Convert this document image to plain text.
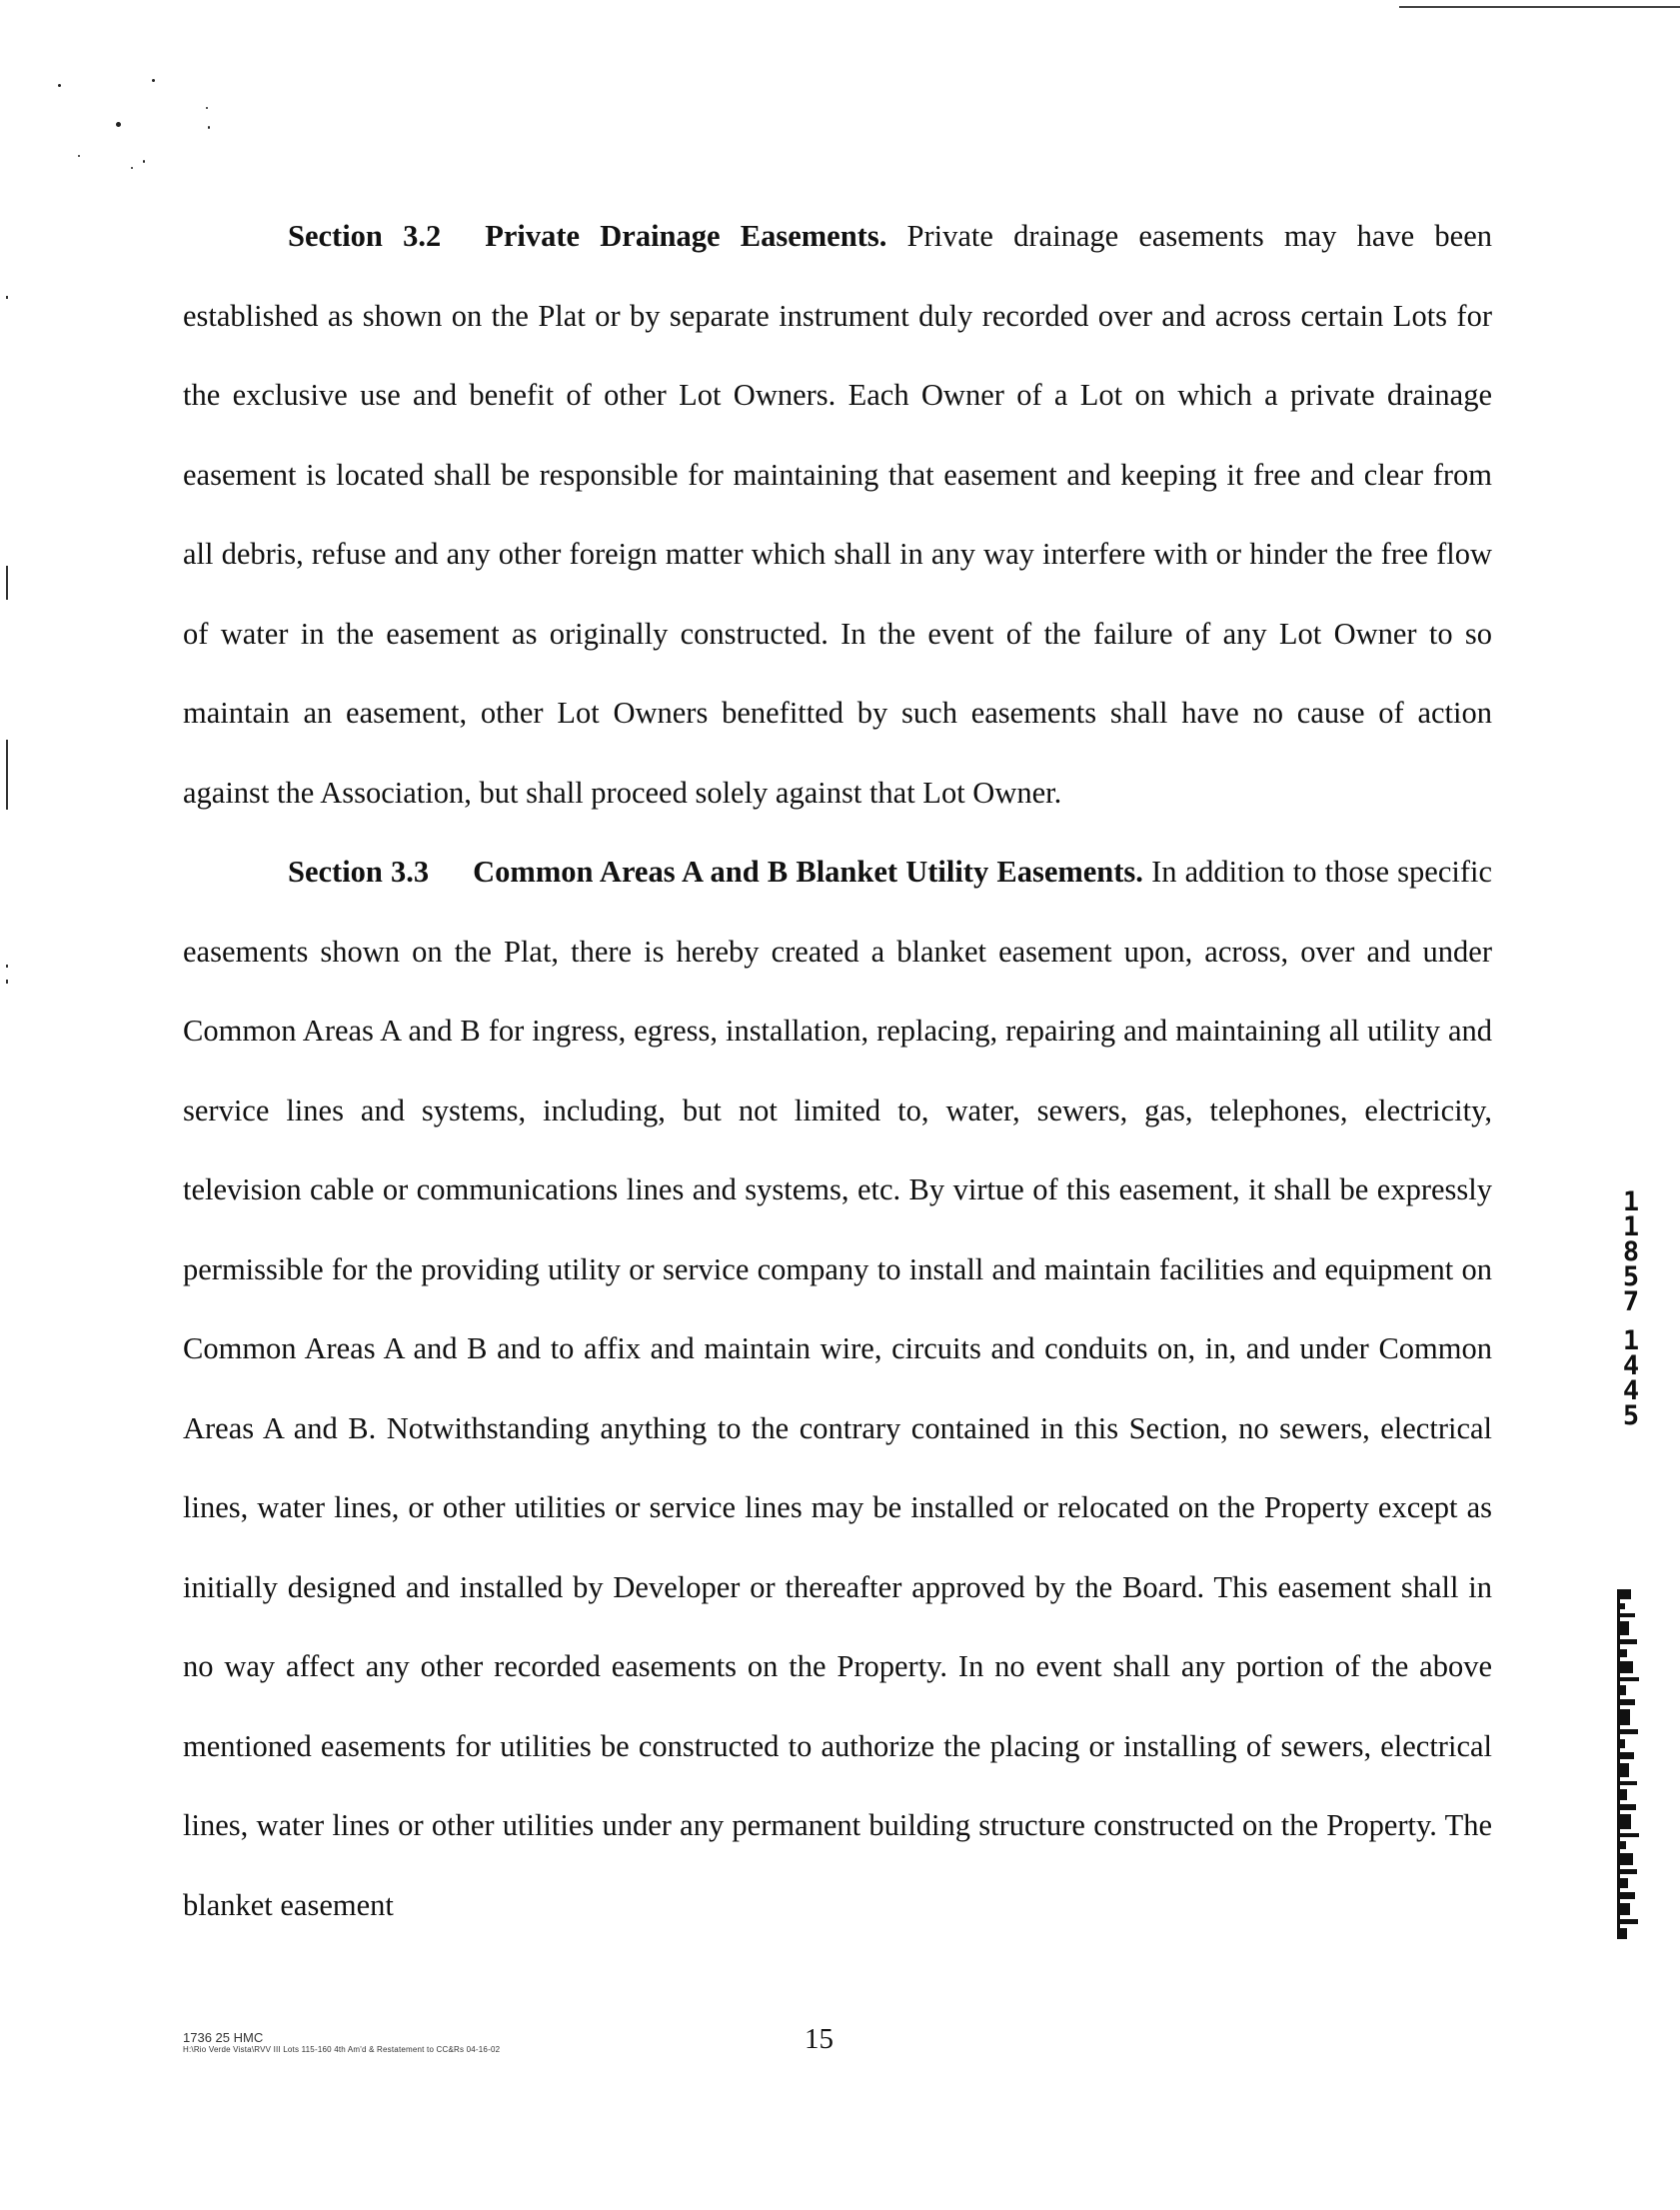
Section 3.2 Private Drainage Easements. Private drainage easements may have been established as shown on the Plat or by separate instrument duly recorded over and across certain Lots for the exclusive use and benefit of other Lot Owners. Each Owner of a Lot on which a private drainage easement is located shall be responsible for maintaining that easement and keeping it free and clear from all debris, refuse and any other foreign matter which shall in any way interfere with or hinder the free flow of water in the easement as originally constructed. In the event of the failure of any Lot Owner to so maintain an easement, other Lot Owners benefitted by such easements shall have no cause of action against the Association, but shall proceed solely against that Lot Owner.

Section 3.3 Common Areas A and B Blanket Utility Easements. In addition to those specific easements shown on the Plat, there is hereby created a blanket easement upon, across, over and under Common Areas A and B for ingress, egress, installation, replacing, repairing and maintaining all utility and service lines and systems, including, but not limited to, water, sewers, gas, telephones, electricity, television cable or communications lines and systems, etc. By virtue of this easement, it shall be expressly permissible for the providing utility or service company to install and maintain facilities and equipment on Common Areas A and B and to affix and maintain wire, circuits and conduits on, in, and under Common Areas A and B. Notwithstanding anything to the contrary contained in this Section, no sewers, electrical lines, water lines, or other utilities or service lines may be installed or relocated on the Property except as initially designed and installed by Developer or thereafter approved by the Board. This easement shall in no way affect any other recorded easements on the Property. In no event shall any portion of the above mentioned easements for utilities be constructed to authorize the placing or installing of sewers, electrical lines, water lines or other utilities under any permanent building structure constructed on the Property. The blanket easement

1
1
8
5
7
1
4
4
5
1736 25 HMC
H:\Rio Verde Vista\RVV III Lots 115-160 4th Am'd & Restatement to CC&Rs 04-16-02	15
